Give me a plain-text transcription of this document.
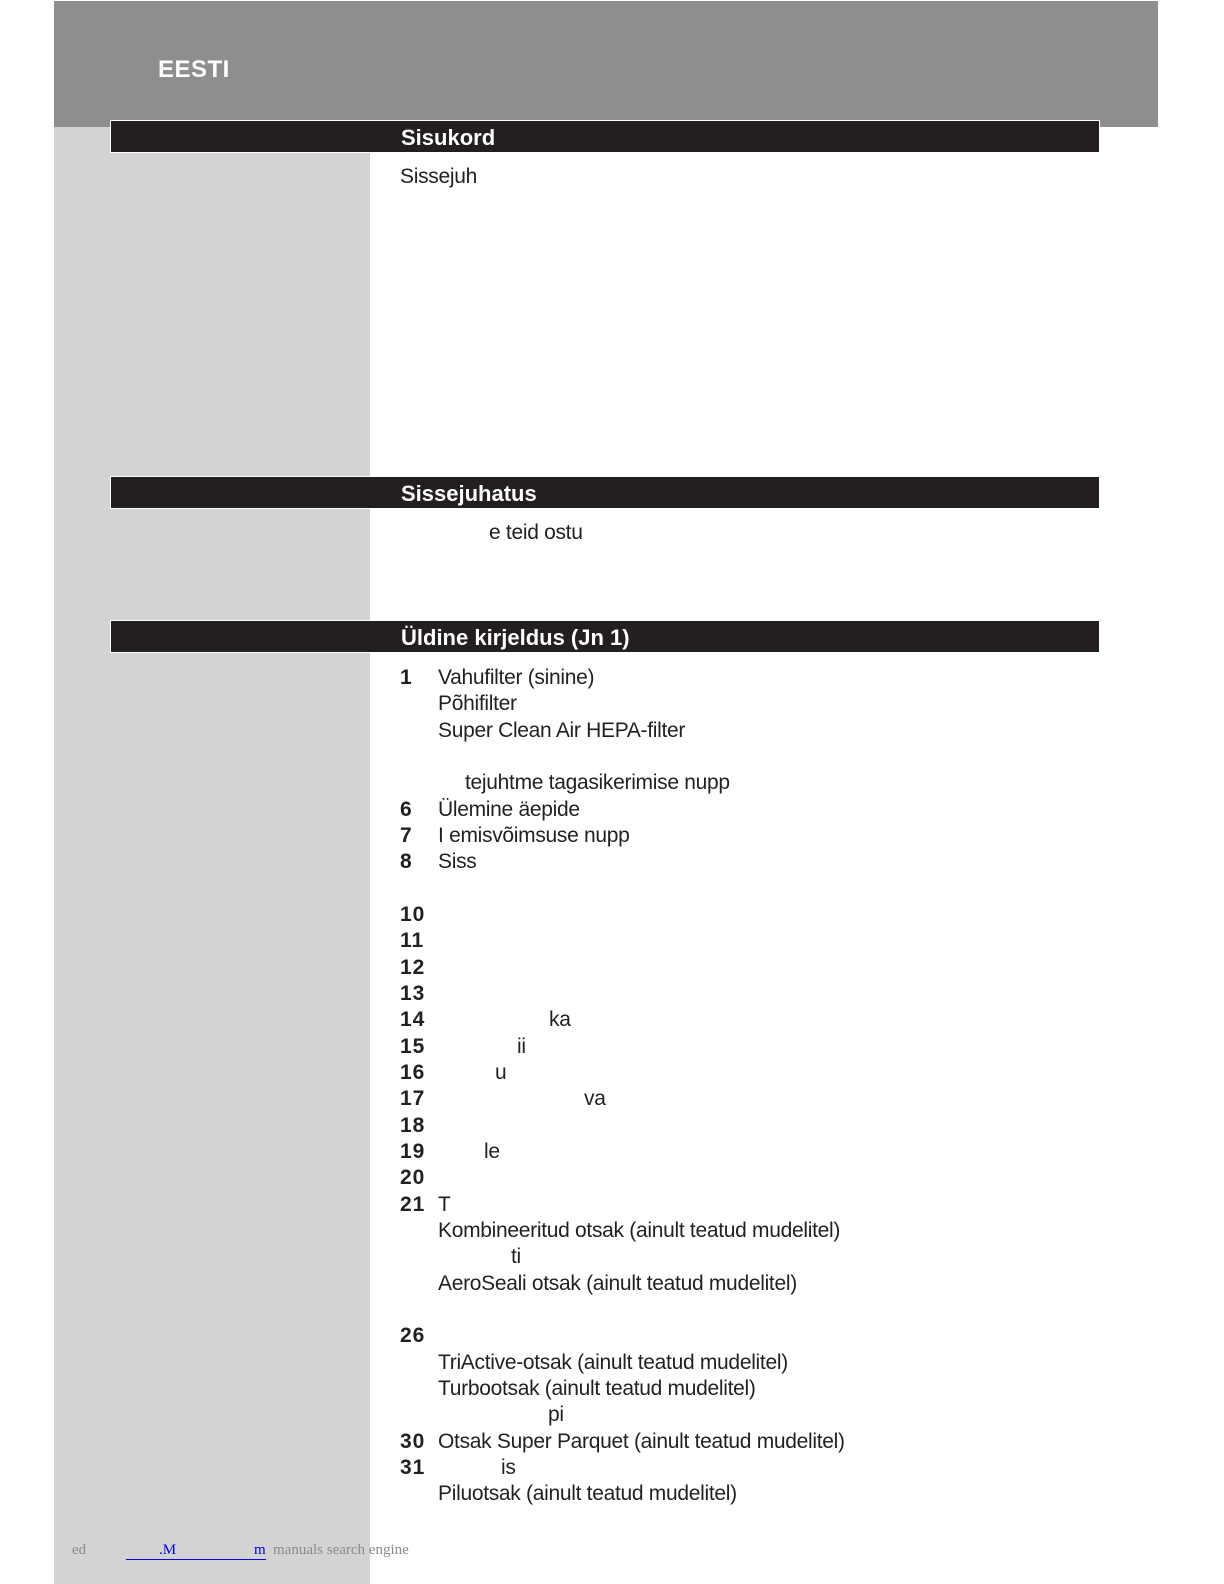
EESTI
Sisukord
Sissejuh
Sissejuhatus
e teid ostu
Üldine kirjeldus (Jn 1)
1 Vahufilter (sinine)
Põhifilter
Super Clean Air HEPA-filter
tejuhtme tagasikerimise nupp
6 Ülemine äepide
7 I emisvõimsuse nupp
8 Siss
10
11
12
13
14	ka
15	ii
16	u
17	va
18
19	le
20
21 T
Kombineeritud otsak (ainult teatud mudelitel)
ti
AeroSeali otsak (ainult teatud mudelitel)
26
TriActive-otsak (ainult teatud mudelitel)
Turbootsak (ainult teatud mudelitel)
pi
30 Otsak Super Parquet (ainult teatud mudelitel)
31	is
Piluotsak (ainult teatud mudelitel)
ed	.M	m manuals search engine
